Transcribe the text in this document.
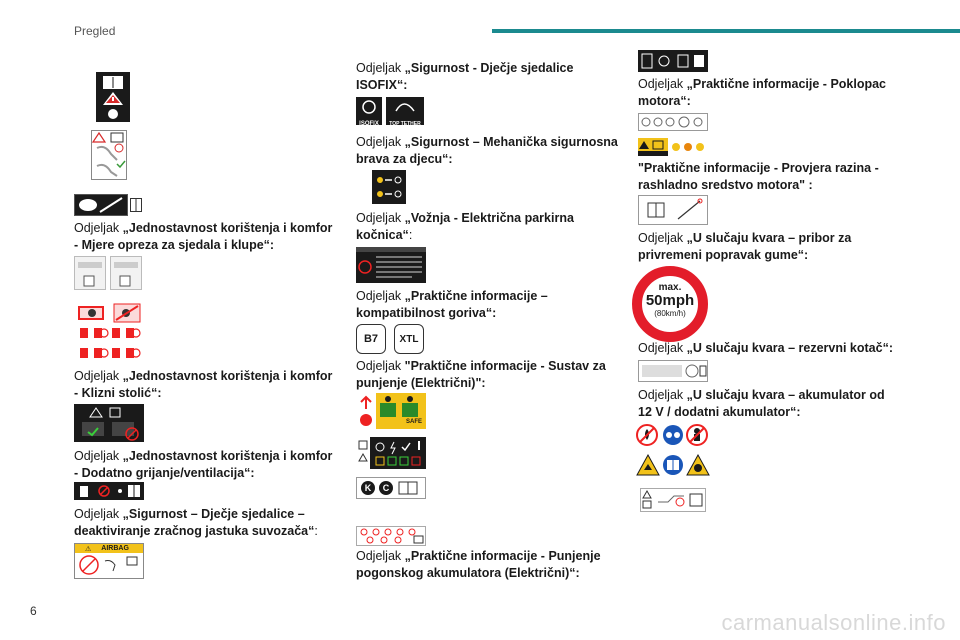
Pregled
Odjeljak „Jednostavnost korištenja i komfor - Mjere opreza za sjedala i klupe“:
Odjeljak „Jednostavnost korištenja i komfor - Klizni stolić“:
Odjeljak „Jednostavnost korištenja i komfor - Dodatno grijanje/ventilacija“:
Odjeljak „Sigurnost – Dječje sjedalice – deaktiviranje zračnog jastuka suvozača“:
⚠ AIRBAG
Odjeljak „Sigurnost - Dječje sjedalice ISOFIX“:
ISOFIX	TOP TETHER
Odjeljak „Sigurnost – Mehanička sigurnosna brava za djecu“:
Odjeljak „Vožnja - Električna parkirna kočnica“:
Odjeljak „Praktične informacije – kompatibilnost goriva“:
B7 XTL
Odjeljak "Praktične informacije - Sustav za punjenje (Električni)":
SAFE
K	C
Odjeljak „Praktične informacije - Punjenje pogonskog akumulatora (Električni)“:
Odjeljak „Praktične informacije - Poklopac motora“:
"Praktične informacije - Provjera razina - rashladno sredstvo motora" :
Odjeljak „U slučaju kvara – pribor za privremeni popravak gume“:
max.
50mph
(80km/h)
Odjeljak „U slučaju kvara – rezervni kotač“:
Odjeljak „U slučaju kvara – akumulator od 12 V / dodatni akumulator“:
6	carmanualsonline.info
